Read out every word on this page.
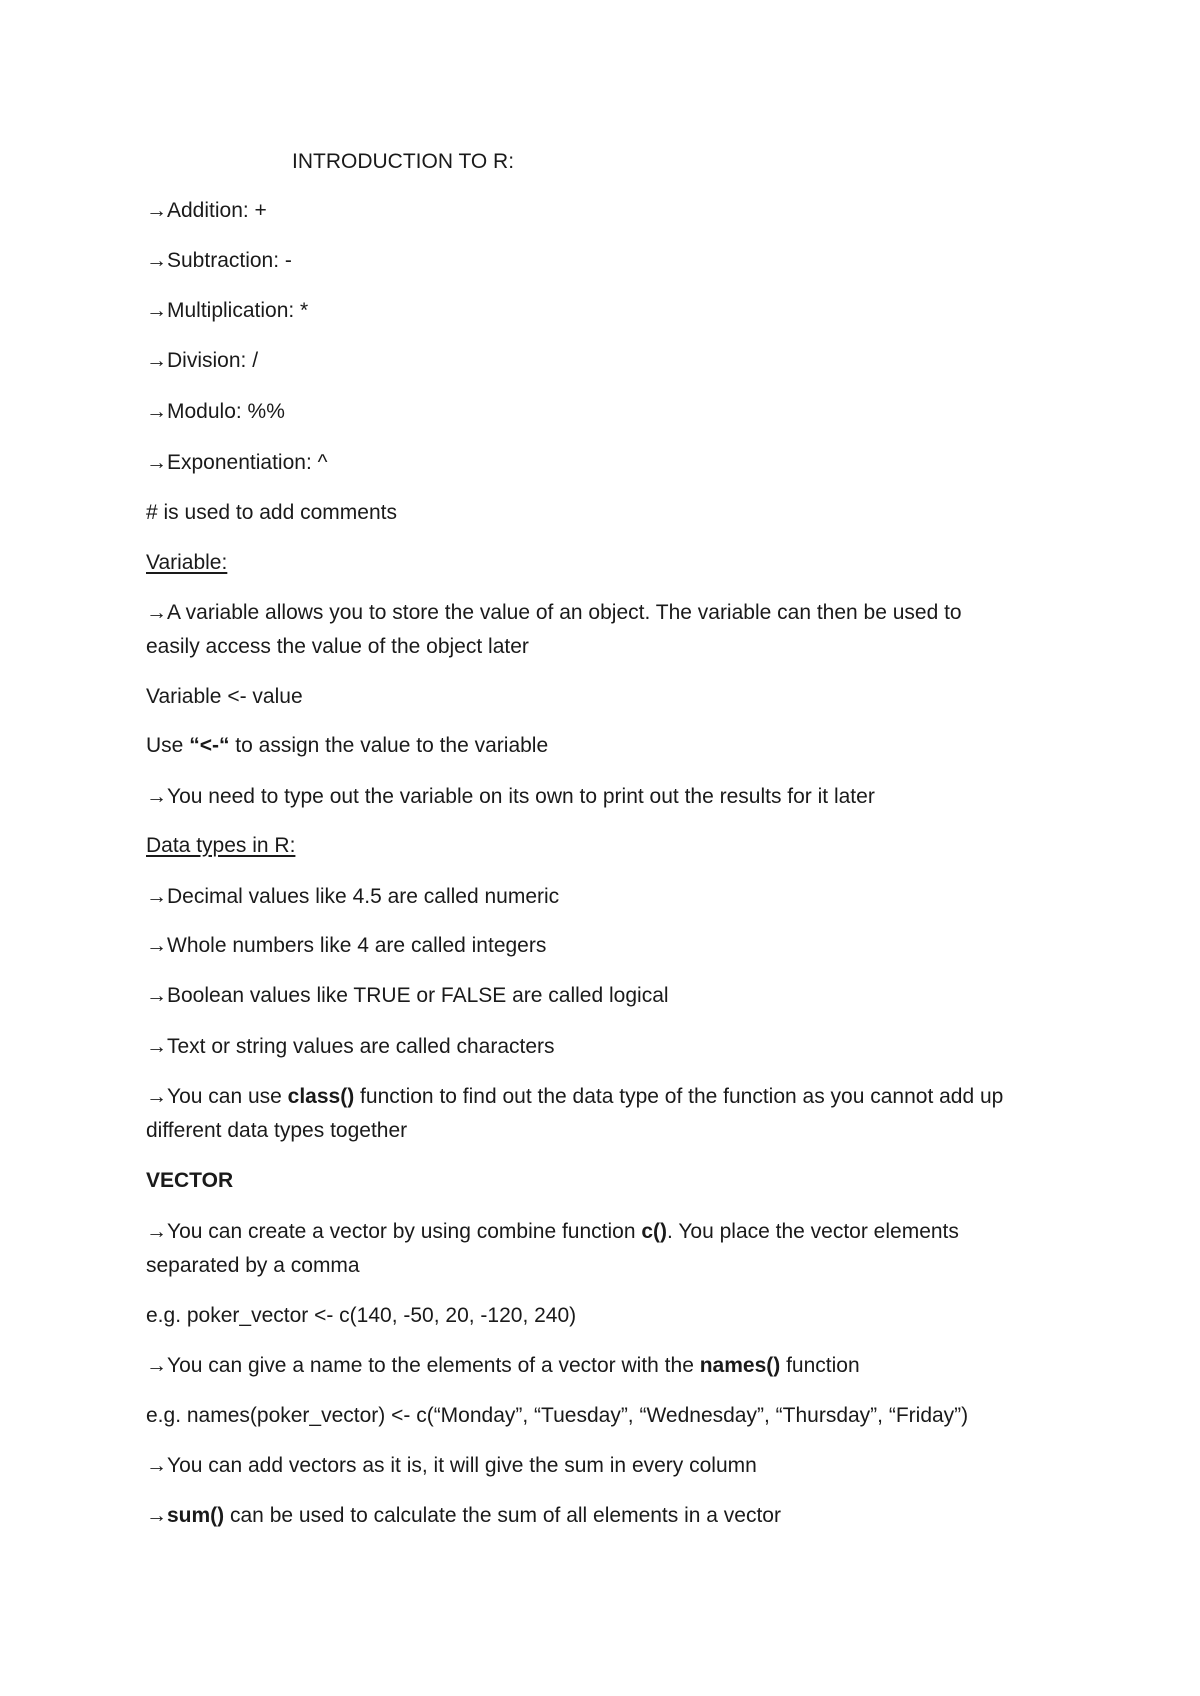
INTRODUCTION TO R:

→Addition: +

→Subtraction: -

→Multiplication: *

→Division: /

→Modulo: %%

→Exponentiation: ^

# is used to add comments

Variable:

→A variable allows you to store the value of an object. The variable can then be used to

easily access the value of the object later

Variable <- value

Use “<-“ to assign the value to the variable

→You need to type out the variable on its own to print out the results for it later

Data types in R:

→Decimal values like 4.5 are called numeric

→Whole numbers like 4 are called integers

→Boolean values like TRUE or FALSE are called logical

→Text or string values are called characters

→You can use class() function to find out the data type of the function as you cannot add up

different data types together

VECTOR

→You can create a vector by using combine function c(). You place the vector elements

separated by a comma

e.g. poker_vector <- c(140, -50, 20, -120, 240)

→You can give a name to the elements of a vector with the names() function

e.g. names(poker_vector) <- c(“Monday”, “Tuesday”, “Wednesday”, “Thursday”, “Friday”)

→You can add vectors as it is, it will give the sum in every column

→sum() can be used to calculate the sum of all elements in a vector
